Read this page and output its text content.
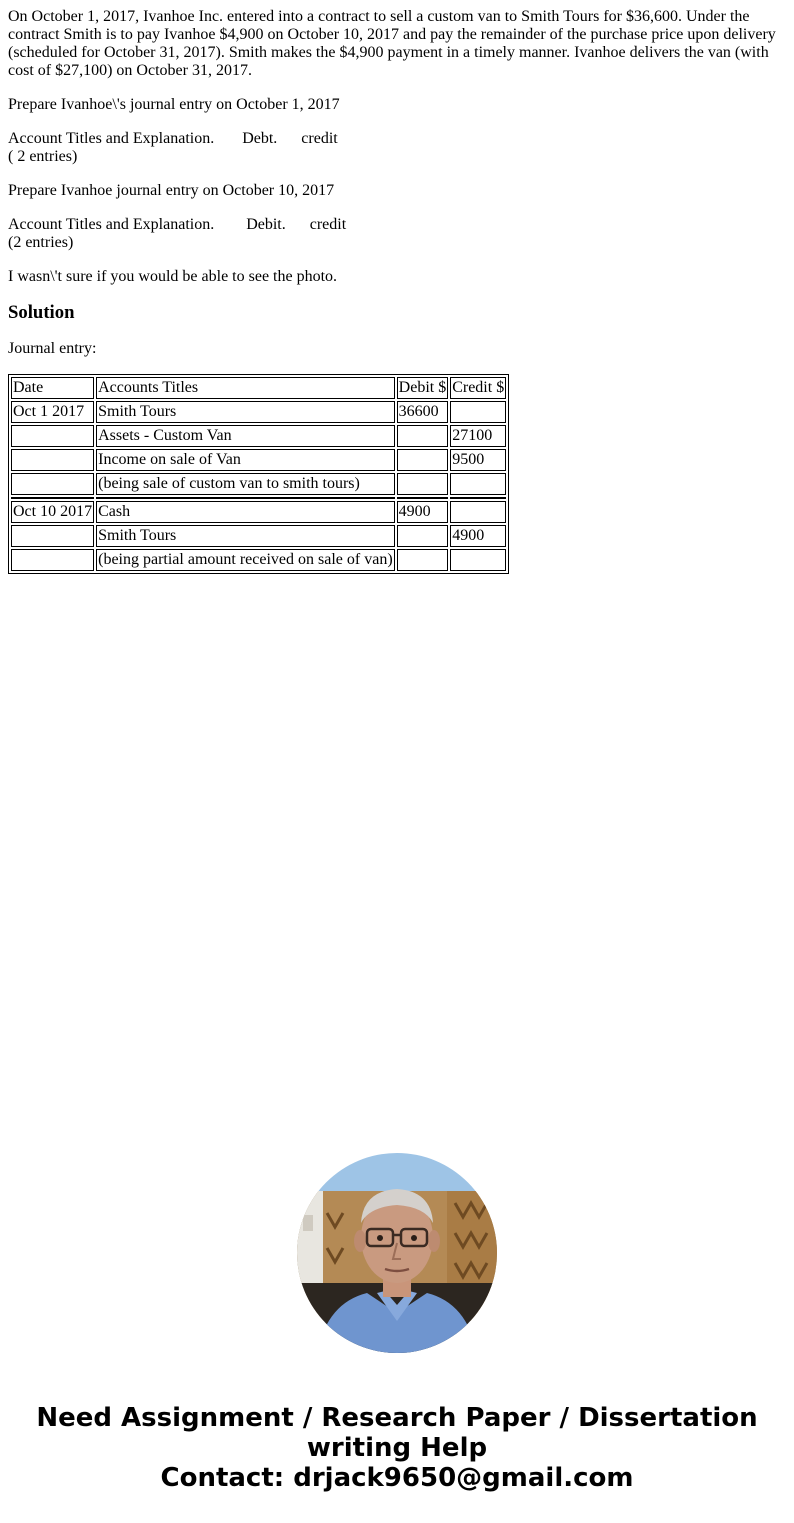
On October 1, 2017, Ivanhoe Inc. entered into a contract to sell a custom van to Smith Tours for $36,600. Under the contract Smith is to pay Ivanhoe $4,900 on October 10, 2017 and pay the remainder of the purchase price upon delivery (scheduled for October 31, 2017). Smith makes the $4,900 payment in a timely manner. Ivanhoe delivers the van (with cost of $27,100) on October 31, 2017.

Prepare Ivanhoe\'s journal entry on October 1, 2017

Account Titles and Explanation.       Debt.      credit
( 2 entries)

Prepare Ivanhoe journal entry on October 10, 2017

Account Titles and Explanation.        Debit.      credit
(2 entries)

I wasn\'t sure if you would be able to see the photo.

Solution

Journal entry:

Date	Accounts Titles	Debit $	Credit $
Oct 1 2017	Smith Tours	36600	
	Assets - Custom Van		27100
	Income on sale of Van		9500
	(being sale of custom van to smith tours)		

Oct 10 2017	Cash	4900	
	Smith Tours		4900
	(being partial amount received on sale of van)		
Need Assignment / Research Paper / Dissertation
writing Help
Contact: drjack9650@gmail.com
